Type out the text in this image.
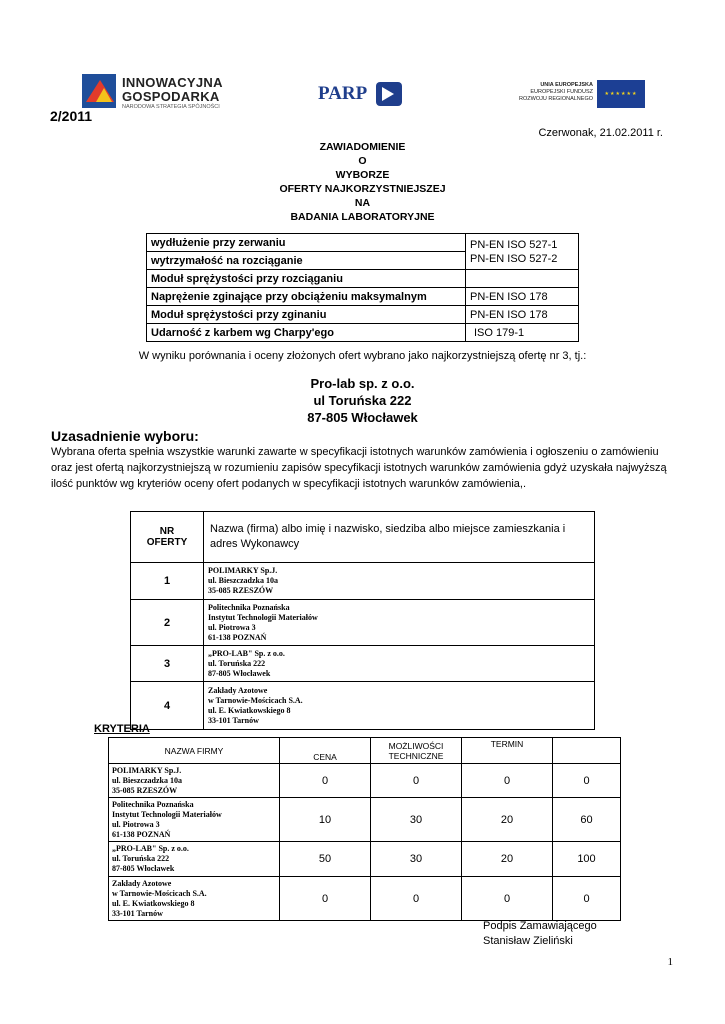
INNOWACYJNA
GOSPODARKA
NARODOWA STRATEGIA SPÓJNOŚCI
PARP	UNIA EUROPEJSKA
EUROPEJSKI FUNDUSZ
ROZWOJU REGIONALNEGO
★★★★★★
2/2011
Czerwonak, 21.02.2011 r.
ZAWIADOMIENIE
O
WYBORZE
OFERTY NAJKORZYSTNIEJSZEJ
NA
BADANIA LABORATORYJNE
wydłużenie przy zerwaniu	PN-EN ISO 527-1
PN-EN ISO 527-2

wytrzymałość na rozciąganie	
Moduł sprężystości przy rozciąganiu	
Naprężenie zginające przy obciążeniu maksymalnym	PN-EN ISO 178
Moduł sprężystości przy zginaniu	PN-EN ISO 178
Udarność z karbem wg Charpy'ego	ISO 179-1
W wyniku porównania i oceny złożonych ofert wybrano jako najkorzystniejszą ofertę nr 3, tj.:
Pro-lab sp. z o.o.
ul Toruńska 222
87-805 Włocławek
Uzasadnienie wyboru:
Wybrana oferta spełnia wszystkie warunki zawarte w specyfikacji istotnych warunków zamówienia i ogłoszeniu o zamówieniu oraz jest ofertą najkorzystniejszą w rozumieniu zapisów specyfikacji istotnych warunków zamówienia gdyż uzyskała najwyższą ilość punktów wg kryteriów oceny ofert podanych w specyfikacji istotnych warunków zamówienia,.
NR
OFERTY	Nazwa (firma) albo imię i nazwisko, siedziba albo miejsce zamieszkania i adres Wykonawcy
1	POLIMARKY Sp.J.
ul. Bieszczadzka 10a
35-085 RZESZÓW

2	Politechnika Poznańska
Instytut Technologii Materiałów
ul. Piotrowa 3
61-138 POZNAŃ

3	„PRO-LAB" Sp. z o.o.
ul. Toruńska 222
87-805 Włocławek

4	Zakłady Azotowe
w Tarnowie-Mościcach S.A.
ul. E. Kwiatkowskiego 8
33-101 Tarnów
KRYTERIA
NAZWA FIRMY	CENA	MOŻLIWOŚCI
TECHNICZNE	TERMIN	

POLIMARKY Sp.J.
ul. Bieszczadzka 10a
35-085 RZESZÓW	0	0	0	0

Politechnika Poznańska
Instytut Technologii Materiałów
ul. Piotrowa 3
61-138 POZNAŃ	10	30	20	60

„PRO-LAB" Sp. z o.o.
ul. Toruńska 222
87-805 Włocławek	50	30	20	100

Zakłady Azotowe
w Tarnowie-Mościcach S.A.
ul. E. Kwiatkowskiego 8
33-101 Tarnów	0	0	0	0
Podpis Zamawiającego
Stanisław Zieliński
1
